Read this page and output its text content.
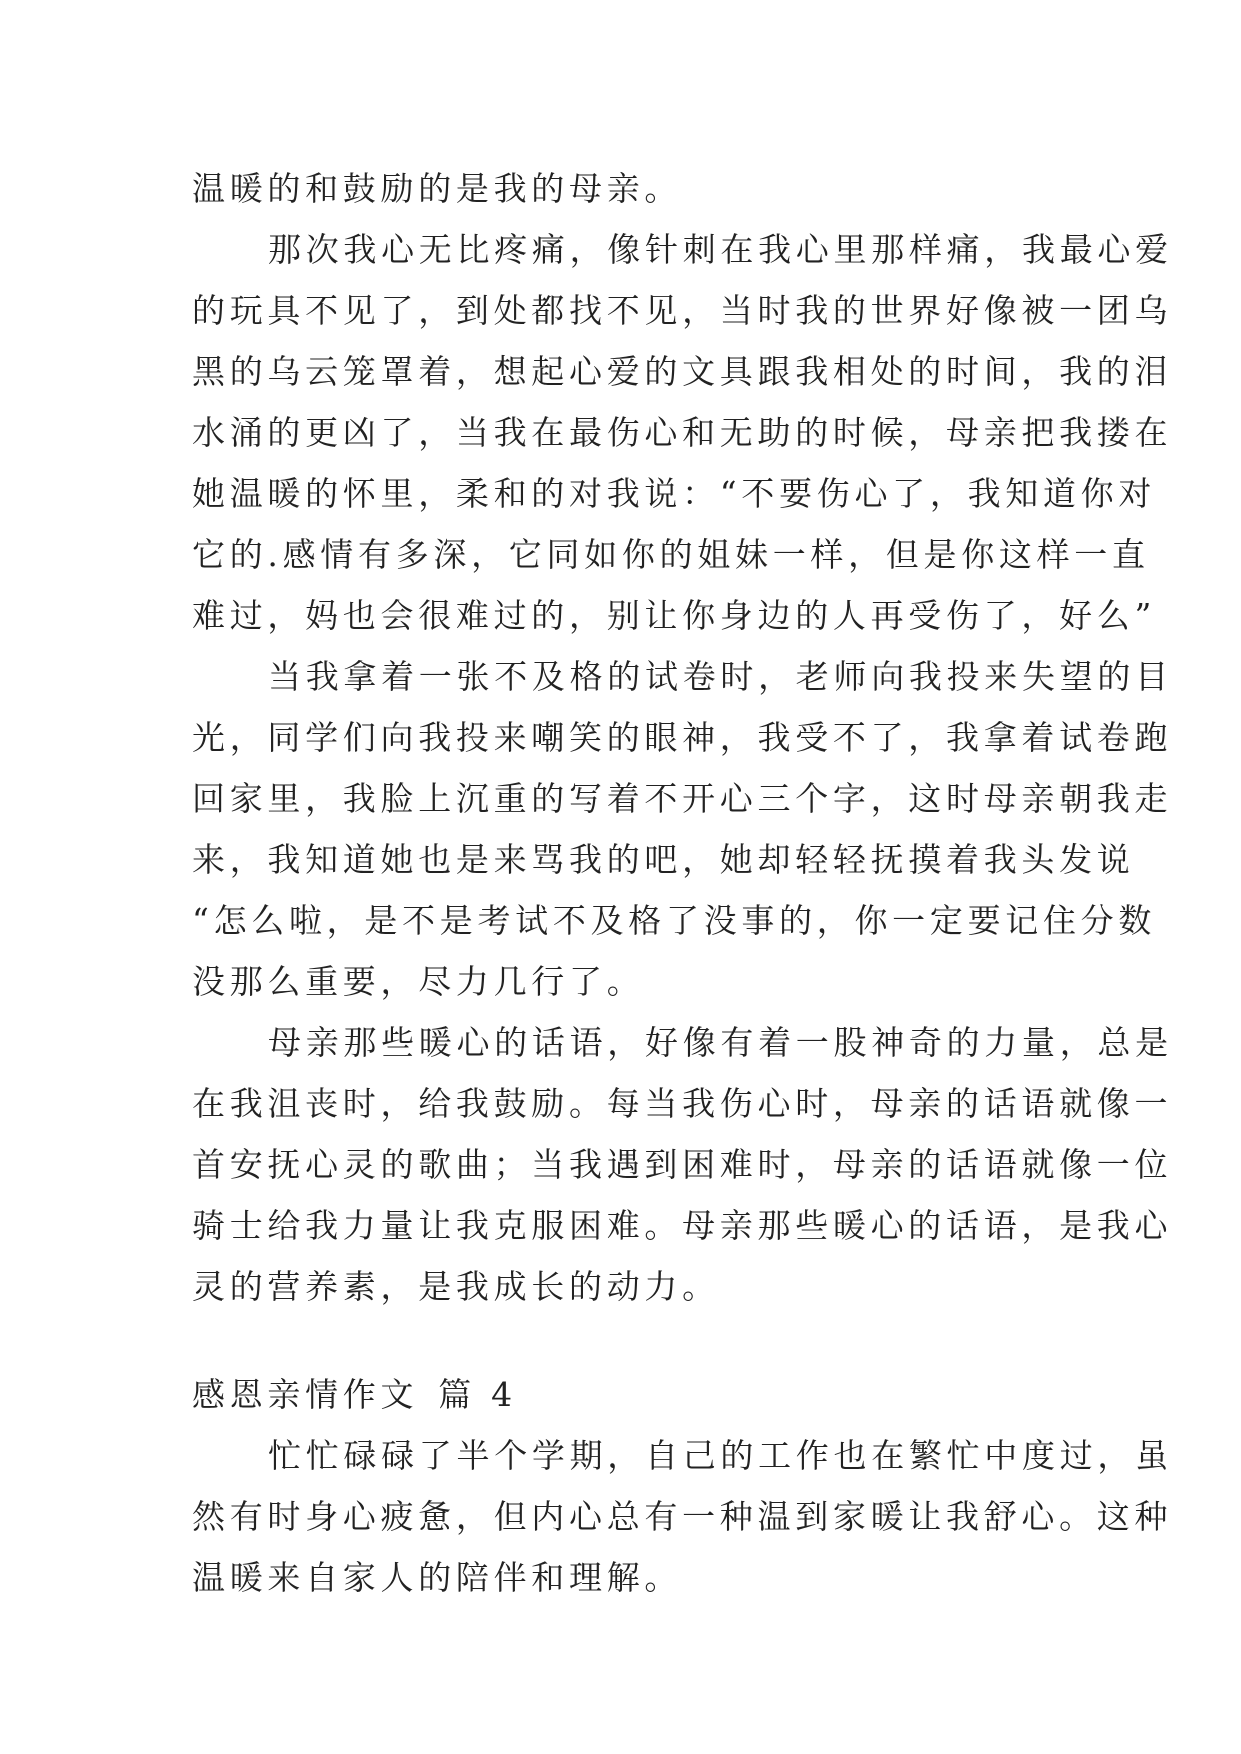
温暖的和鼓励的是我的母亲。
那次我心无比疼痛，像针刺在我心里那样痛，我最心爱
的玩具不见了，到处都找不见，当时我的世界好像被一团乌
黑的乌云笼罩着，想起心爱的文具跟我相处的时间，我的泪
水涌的更凶了，当我在最伤心和无助的时候，母亲把我搂在
她温暖的怀里，柔和的对我说：“不要伤心了，我知道你对
它的.感情有多深，它同如你的姐妹一样，但是你这样一直
难过，妈也会很难过的，别让你身边的人再受伤了，好么”
当我拿着一张不及格的试卷时，老师向我投来失望的目
光，同学们向我投来嘲笑的眼神，我受不了，我拿着试卷跑
回家里，我脸上沉重的写着不开心三个字，这时母亲朝我走
来，我知道她也是来骂我的吧，她却轻轻抚摸着我头发说
“怎么啦，是不是考试不及格了没事的，你一定要记住分数
没那么重要，尽力几行了。
母亲那些暖心的话语，好像有着一股神奇的力量，总是
在我沮丧时，给我鼓励。每当我伤心时，母亲的话语就像一
首安抚心灵的歌曲；当我遇到困难时，母亲的话语就像一位
骑士给我力量让我克服困难。母亲那些暖心的话语，是我心
灵的营养素，是我成长的动力。
感恩亲情作文 篇 4
忙忙碌碌了半个学期，自己的工作也在繁忙中度过，虽
然有时身心疲惫，但内心总有一种温到家暖让我舒心。这种
温暖来自家人的陪伴和理解。
